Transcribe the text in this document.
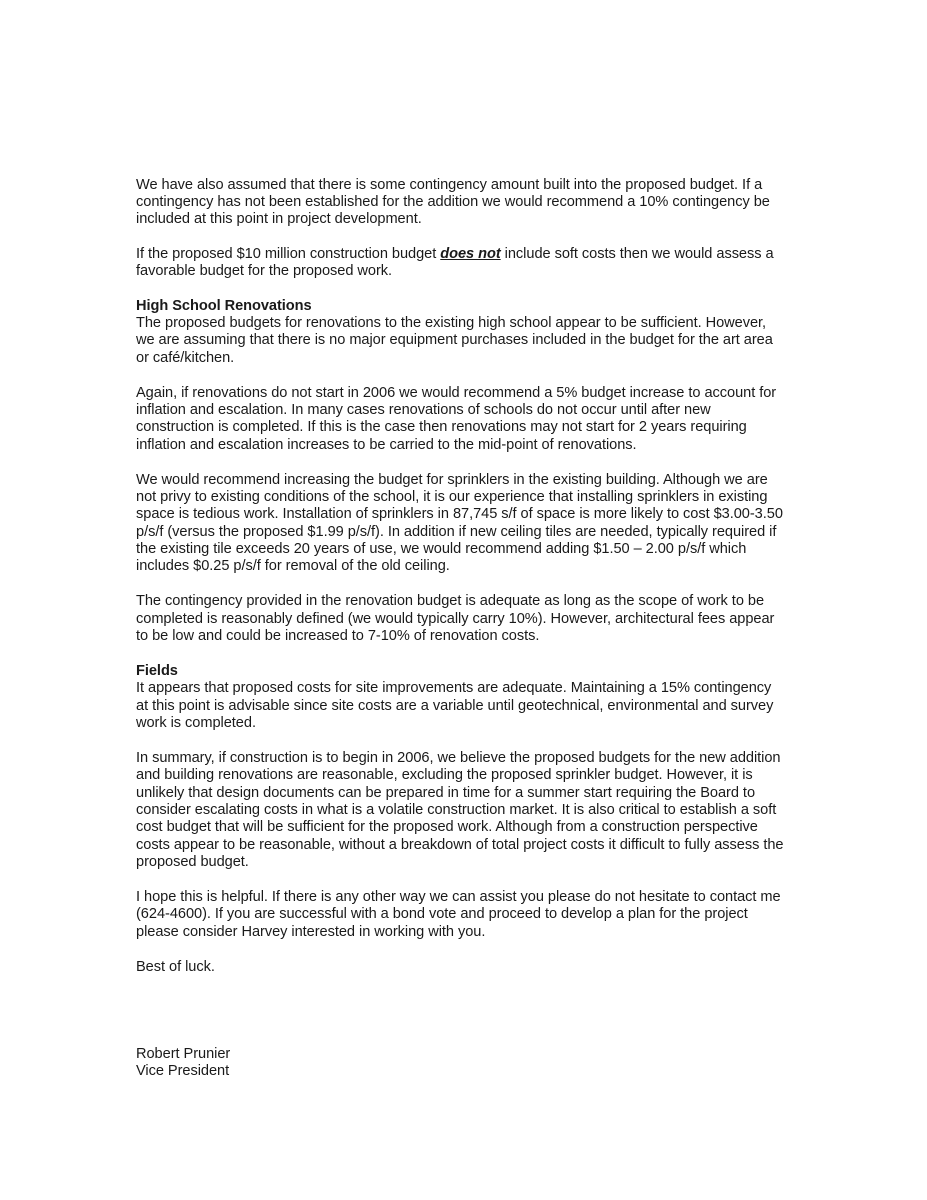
We have also assumed that there is some contingency amount built into the proposed budget. If a
contingency has not been established for the addition we would recommend a 10% contingency be
included at this point in project development.
If the proposed $10 million construction budget does not include soft costs then we would assess a
favorable budget for the proposed work.
High School Renovations
The proposed budgets for renovations to the existing high school appear to be sufficient. However,
we are assuming that there is no major equipment purchases included in the budget for the art area
or café/kitchen.
Again, if renovations do not start in 2006 we would recommend a 5% budget increase to account for
inflation and escalation. In many cases renovations of schools do not occur until after new
construction is completed. If this is the case then renovations may not start for 2 years requiring
inflation and escalation increases to be carried to the mid-point of renovations.
We would recommend increasing the budget for sprinklers in the existing building. Although we are
not privy to existing conditions of the school, it is our experience that installing sprinklers in existing
space is tedious work. Installation of sprinklers in 87,745 s/f of space is more likely to cost $3.00-3.50
p/s/f (versus the proposed $1.99 p/s/f). In addition if new ceiling tiles are needed, typically required if
the existing tile exceeds 20 years of use, we would recommend adding $1.50 – 2.00 p/s/f which
includes $0.25 p/s/f for removal of the old ceiling.
The contingency provided in the renovation budget is adequate as long as the scope of work to be
completed is reasonably defined (we would typically carry 10%). However, architectural fees appear
to be low and could be increased to 7-10% of renovation costs.
Fields
It appears that proposed costs for site improvements are adequate. Maintaining a 15% contingency
at this point is advisable since site costs are a variable until geotechnical, environmental and survey
work is completed.
In summary, if construction is to begin in 2006, we believe the proposed budgets for the new addition
and building renovations are reasonable, excluding the proposed sprinkler budget. However, it is
unlikely that design documents can be prepared in time for a summer start requiring the Board to
consider escalating costs in what is a volatile construction market. It is also critical to establish a soft
cost budget that will be sufficient for the proposed work. Although from a construction perspective
costs appear to be reasonable, without a breakdown of total project costs it difficult to fully assess the
proposed budget.
I hope this is helpful. If there is any other way we can assist you please do not hesitate to contact me
(624-4600). If you are successful with a bond vote and proceed to develop a plan for the project
please consider Harvey interested in working with you.
Best of luck.
Robert Prunier
Vice President
